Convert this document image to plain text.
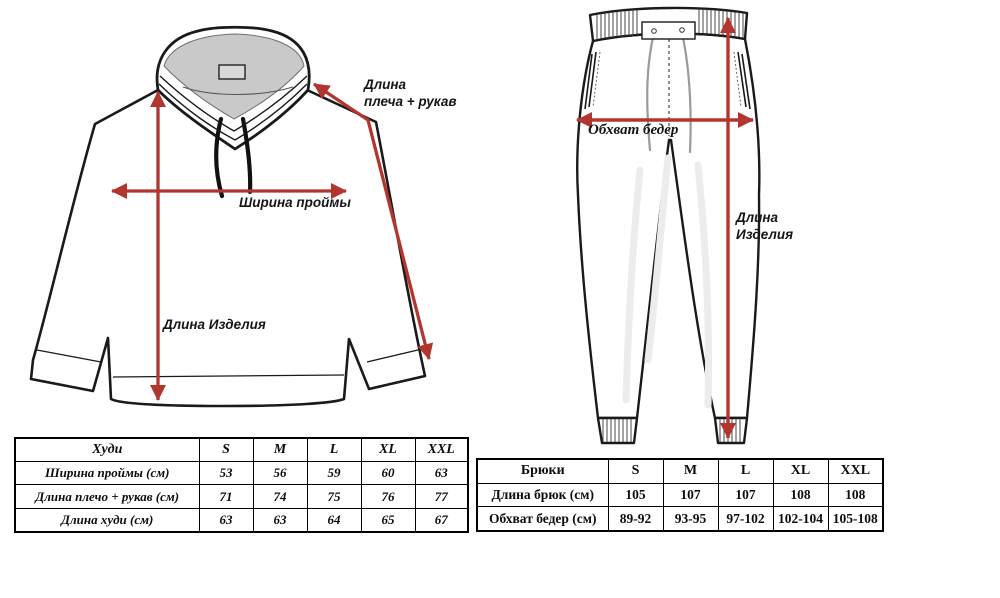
Длина
плеча + рукав
Ширина проймы
Длина Изделия
Обхват бедер
Длина
Изделия
Худи	S	M	L	XL	XXL
Ширина проймы (см)	53	56	59	60	63
Длина плечо + рукав (см)	71	74	75	76	77
Длина худи (см)	63	63	64	65	67
Брюки	S	M	L	XL	XXL
Длина брюк (см)	105	107	107	108	108
Обхват бедер (см)	89-92	93-95	97-102	102-104	105-108
